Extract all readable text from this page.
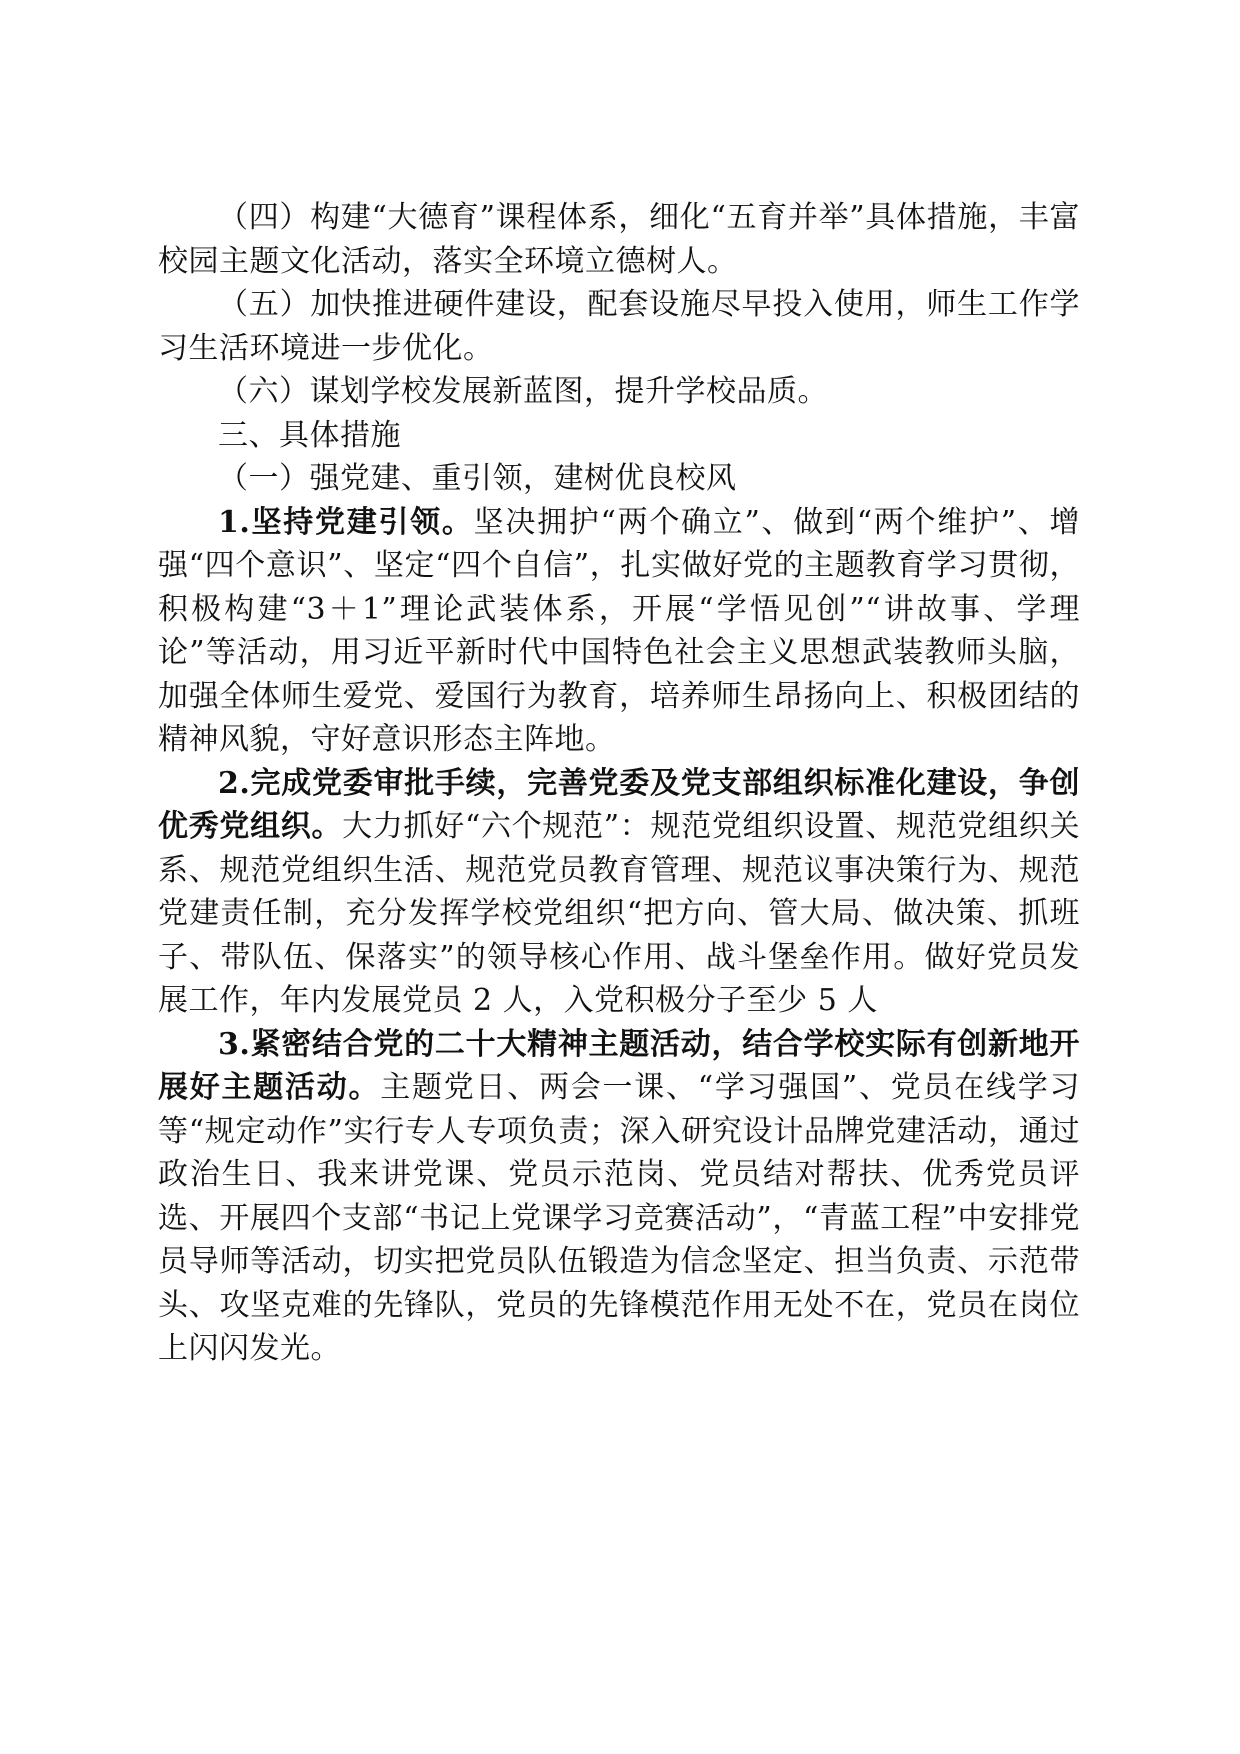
（四）构建“大德育”课程体系，细化“五育并举”具体措施，丰富校园主题文化活动，落实全环境立德树人。

（五）加快推进硬件建设，配套设施尽早投入使用，师生工作学习生活环境进一步优化。

（六）谋划学校发展新蓝图，提升学校品质。

三、具体措施

（一）强党建、重引领，建树优良校风

1.坚持党建引领。坚决拥护“两个确立”、做到“两个维护”、增强“四个意识”、坚定“四个自信”，扎实做好党的主题教育学习贯彻，积极构建“3＋1”理论武装体系，开展“学悟见创”“讲故事、学理论”等活动，用习近平新时代中国特色社会主义思想武装教师头脑，加强全体师生爱党、爱国行为教育，培养师生昂扬向上、积极团结的精神风貌，守好意识形态主阵地。

2.完成党委审批手续，完善党委及党支部组织标准化建设，争创优秀党组织。大力抓好“六个规范”：规范党组织设置、规范党组织关系、规范党组织生活、规范党员教育管理、规范议事决策行为、规范党建责任制，充分发挥学校党组织“把方向、管大局、做决策、抓班子、带队伍、保落实”的领导核心作用、战斗堡垒作用。做好党员发展工作，年内发展党员 2 人，入党积极分子至少 5 人

3.紧密结合党的二十大精神主题活动，结合学校实际有创新地开展好主题活动。主题党日、两会一课、“学习强国”、党员在线学习等“规定动作”实行专人专项负责；深入研究设计品牌党建活动，通过政治生日、我来讲党课、党员示范岗、党员结对帮扶、优秀党员评选、开展四个支部“书记上党课学习竞赛活动”，“青蓝工程”中安排党员导师等活动，切实把党员队伍锻造为信念坚定、担当负责、示范带头、攻坚克难的先锋队，党员的先锋模范作用无处不在，党员在岗位上闪闪发光。
